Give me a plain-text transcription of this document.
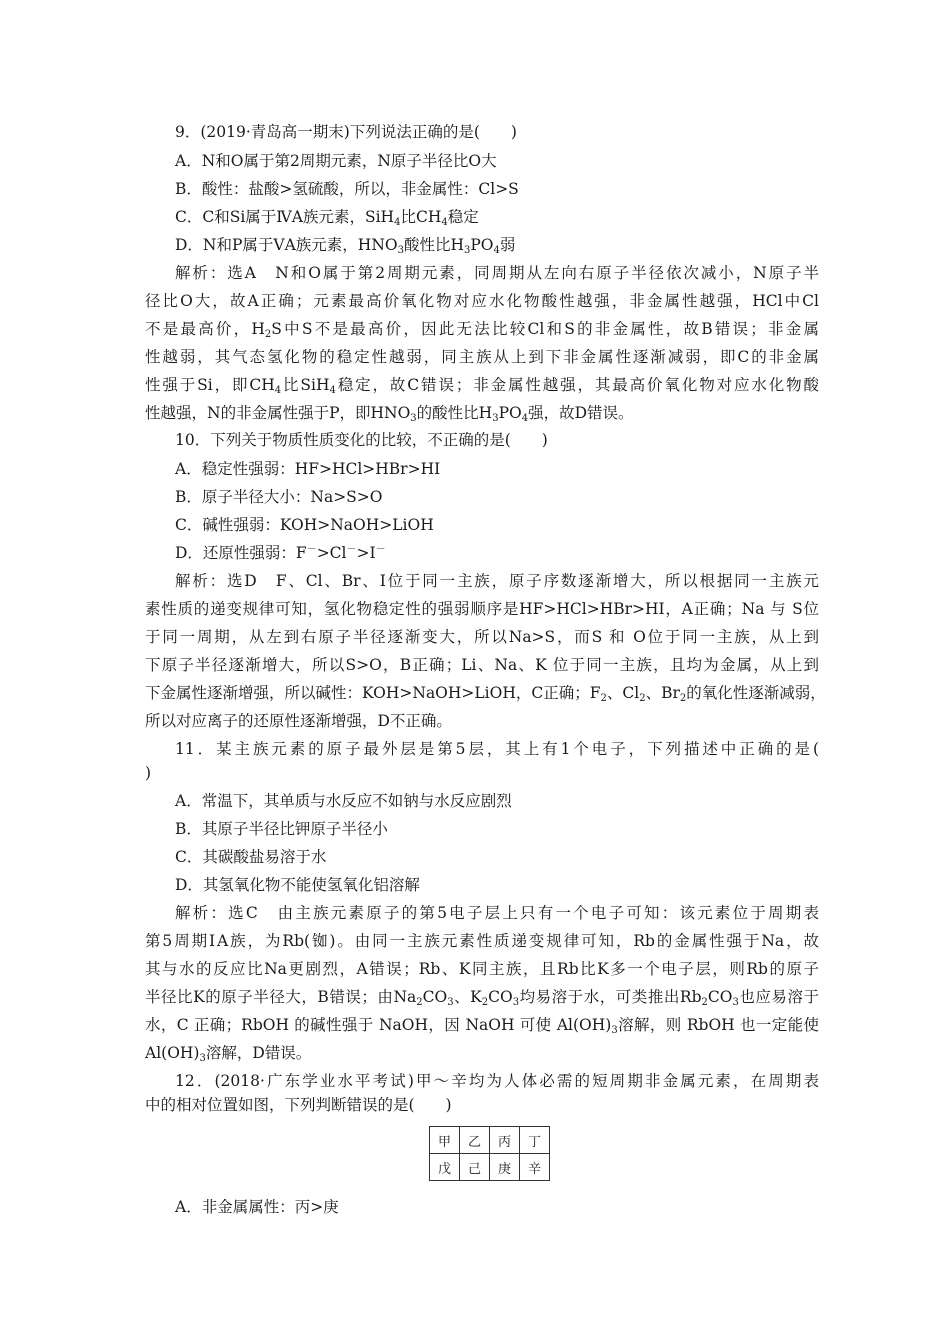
9．(2019·青岛高一期末)下列说法正确的是(　　)
A．N和O属于第2周期元素，N原子半径比O大
B．酸性：盐酸>氢硫酸，所以，非金属性：Cl>S
C．C和Si属于ⅣA族元素，SiH$_4$比$CH_4$稳定
D．N和P属于ⅤA族元素，$HNO_3$酸性比$H_3PO_4$弱
解析：选A　N和O属于第2周期元素，同周期从左向右原子半径依次减小，N原子半
径比O大，故A正确；元素最高价氧化物对应水化物酸性越强，非金属性越强，HCl中Cl
不是最高价，$H_2S$中S不是最高价，因此无法比较Cl和S的非金属性，故B错误；非金属
性越弱，其气态氢化物的稳定性越弱，同主族从上到下非金属性逐渐减弱，即C的非金属
性强于Si，即$CH_4$比SiH$_4$稳定，故C错误；非金属性越强，其最高价氧化物对应水化物酸
性越强，N的非金属性强于P，即$HNO_3$的酸性比$H_3PO_4$强，故D错误。
10．下列关于物质性质变化的比较，不正确的是(　　)
A．稳定性强弱：HF>HCl>HBr>HI
B．原子半径大小：Na>S>O
C．碱性强弱：KOH>NaOH>LiOH
D．还原性强弱：F－>Cl－>I－
解析：选D　F、Cl、Br、I位于同一主族，原子序数逐渐增大，所以根据同一主族元
素性质的递变规律可知，氢化物稳定性的强弱顺序是HF>HCl>HBr>HI，A正确；Na 与 S位
于同一周期，从左到右原子半径逐渐变大，所以Na>S，而S 和 O位于同一主族，从上到
下原子半径逐渐增大，所以S>O，B正确；Li、Na、K 位于同一主族，且均为金属，从上到
下金属性逐渐增强，所以碱性：KOH>NaOH>LiOH，C正确；$F_2$、$Cl_2$、$Br_2$的氧化性逐渐减弱，
所以对应离子的还原性逐渐增强，D不正确。
11．某主族元素的原子最外层是第5层，其上有1个电子，下列描述中正确的是(
)
A．常温下，其单质与水反应不如钠与水反应剧烈
B．其原子半径比钾原子半径小
C．其碳酸盐易溶于水
D．其氢氧化物不能使氢氧化铝溶解
解析：选C　由主族元素原子的第5电子层上只有一个电子可知：该元素位于周期表
第5周期ⅠA族，为Rb(铷)。由同一主族元素性质递变规律可知，Rb的金属性强于Na，故
其与水的反应比Na更剧烈，A错误；Rb、K同主族，且Rb比K多一个电子层，则Rb的原子
半径比K的原子半径大，B错误；由$Na_2CO_3$、$K_2CO_3$均易溶于水，可类推出$Rb_2CO_3$也应易溶于
水，C 正确；RbOH 的碱性强于 NaOH，因 NaOH 可使 $Al(OH)_3$溶解，则 RbOH 也一定能使
$Al(OH)_3$溶解，D错误。
12．(2018·广东学业水平考试)甲～辛均为人体必需的短周期非金属元素，在周期表
中的相对位置如图，下列判断错误的是(　　)
甲	乙	丙	丁
戊	己	庚	辛
A．非金属属性：丙>庚
